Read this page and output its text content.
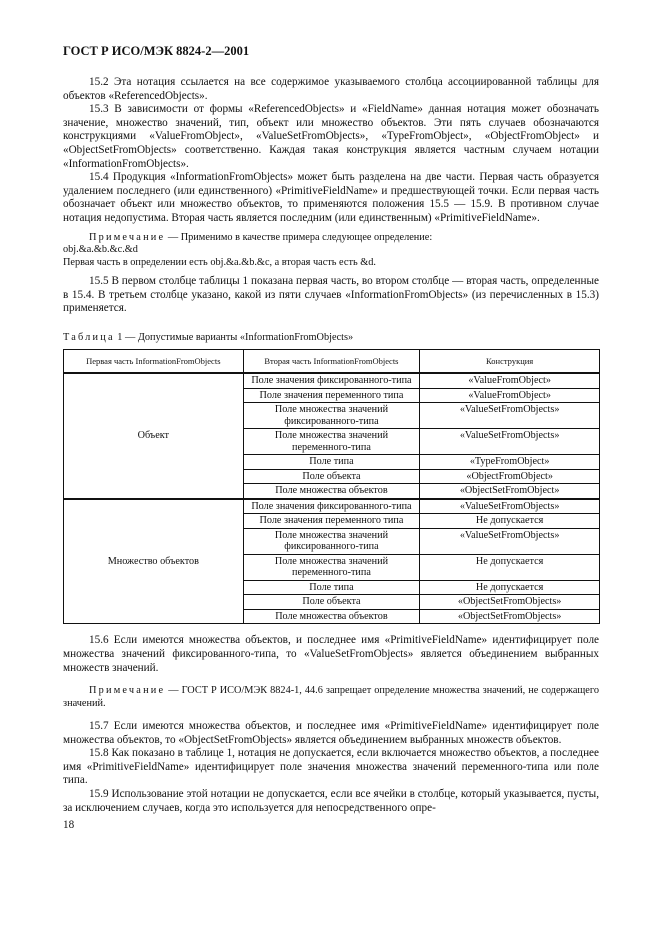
ГОСТ Р ИСО/МЭК 8824-2—2001
15.2 Эта нотация ссылается на все содержимое указываемого столбца ассоциированной таблицы для объектов «ReferencedObjects».
15.3 В зависимости от формы «ReferencedObjects» и «FieldName» данная нотация может обозначать значение, множество значений, тип, объект или множество объектов. Эти пять случаев обозначаются конструкциями «ValueFromObject», «ValueSetFromObjects», «TypeFromObject», «ObjectFromObject» и «ObjectSetFromObjects» соответственно. Каждая такая конструкция является частным случаем нотации «InformationFromObjects».
15.4 Продукция «InformationFromObjects» может быть разделена на две части. Первая часть образуется удалением последнего (или единственного) «PrimitiveFieldName» и предшествующей точки. Если первая часть обозначает объект или множество объектов, то применяются положения 15.5 — 15.9. В противном случае нотация недопустима. Вторая часть является последним (или единственным) «PrimitiveFieldName».
Примечание — Применимо в качестве примера следующее определение:
obj.&a.&b.&c.&d
Первая часть в определении есть obj.&a.&b.&c, а вторая часть есть &d.
15.5 В первом столбце таблицы 1 показана первая часть, во втором столбце — вторая часть, определенные в 15.4. В третьем столбце указано, какой из пяти случаев «InformationFromObjects» (из перечисленных в 15.3) применяется.
Таблица 1 — Допустимые варианты «InformationFromObjects»
Первая часть InformationFromObjects	Вторая часть InformationFromObjects	Конструкция
Объект	Поле значения фиксированного-типа	«ValueFromObject»
	Поле значения переменного типа	«ValueFromObject»
	Поле множества значений фиксированного-типа	«ValueSetFromObjects»
	Поле множества значений переменного-типа	«ValueSetFromObjects»
	Поле типа	«TypeFromObject»
	Поле объекта	«ObjectFromObject»
	Поле множества объектов	«ObjectSetFromObject»
Множество объектов	Поле значения фиксированного-типа	«ValueSetFromObjects»
	Поле значения переменного типа	Не допускается
	Поле множества значений фиксированного-типа	«ValueSetFromObjects»
	Поле множества значений переменного-типа	Не допускается
	Поле типа	Не допускается
	Поле объекта	«ObjectSetFromObjects»
	Поле множества объектов	«ObjectSetFromObjects»
15.6 Если имеются множества объектов, и последнее имя «PrimitiveFieldName» идентифицирует поле множества значений фиксированного-типа, то «ValueSetFromObjects» является объединением выбранных множеств значений.
Примечание — ГОСТ Р ИСО/МЭК 8824-1, 44.6 запрещает определение множества значений, не содержащего значений.
15.7 Если имеются множества объектов, и последнее имя «PrimitiveFieldName» идентифицирует поле множества объектов, то «ObjectSetFromObjects» является объединением выбранных множеств объектов.
15.8 Как показано в таблице 1, нотация не допускается, если включается множество объектов, а последнее имя «PrimitiveFieldName» идентифицирует поле значения множества значений переменного-типа или поле типа.
15.9 Использование этой нотации не допускается, если все ячейки в столбце, который указывается, пусты, за исключением случаев, когда это используется для непосредственного опре-
18
